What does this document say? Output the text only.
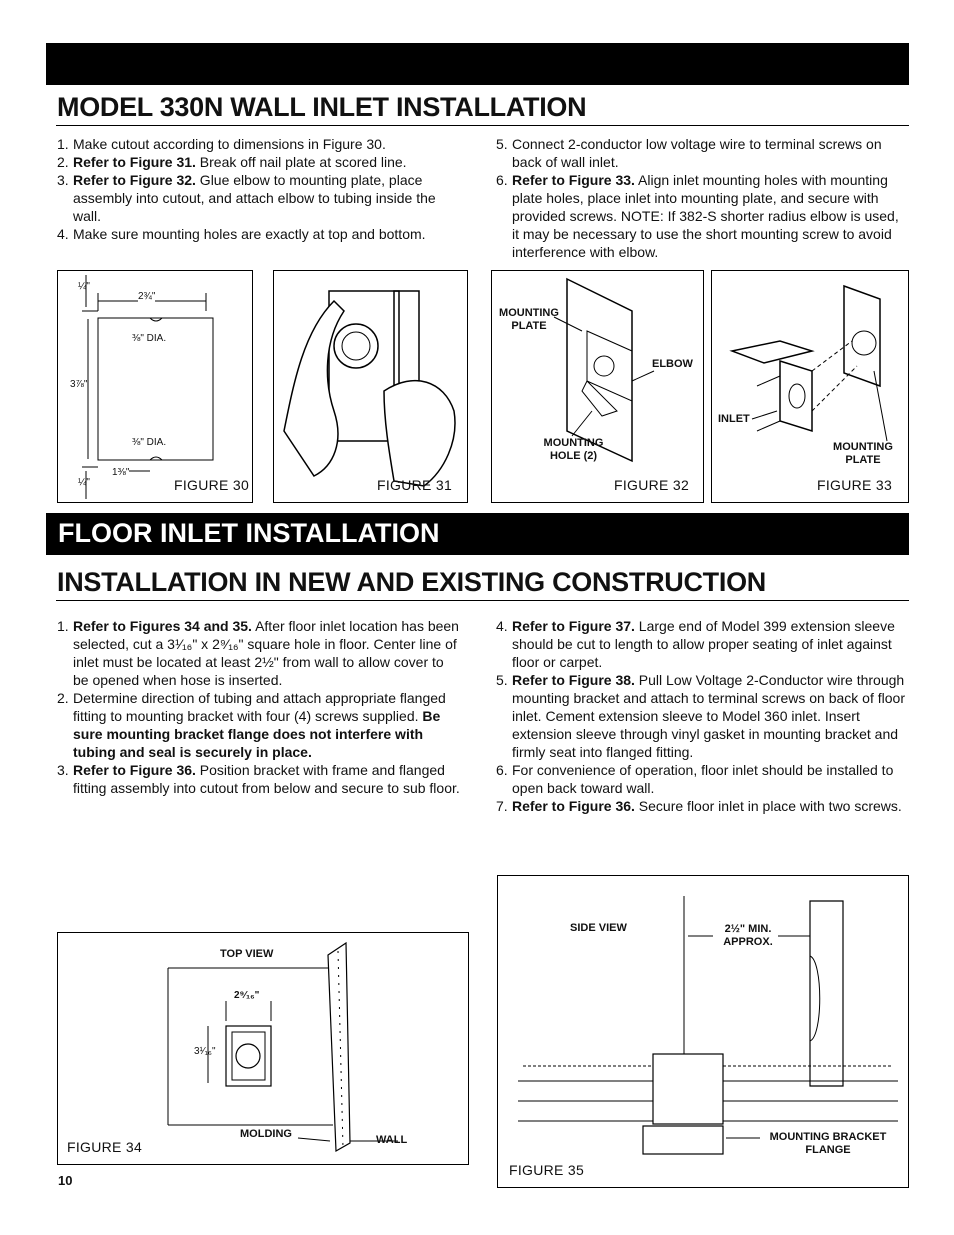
MODEL 330N WALL INLET INSTALLATION
1. Make cutout according to dimensions in Figure 30.
2. Refer to Figure 31. Break off nail plate at scored line.
3. Refer to Figure 32. Glue elbow to mounting plate, place assembly into cutout, and attach elbow to tubing inside the wall.
4. Make sure mounting holes are exactly at top and bottom.
5. Connect 2-conductor low voltage wire to terminal screws on back of wall inlet.
6. Refer to Figure 33. Align inlet mounting holes with mounting plate holes, place inlet into mounting plate, and secure with provided screws. NOTE: If 382-S shorter radius elbow is used, it may be necessary to use the short mounting screw to avoid interference with elbow.
¼"
2¾"
⅜" DIA.
3⅞"
⅜" DIA.
1⅜"
¼"	FIGURE 30	FIGURE 31
MOUNTING PLATE
ELBOW
MOUNTING HOLE (2)
FIGURE 32
INLET
MOUNTING PLATE
FIGURE 33
FLOOR INLET INSTALLATION
INSTALLATION IN NEW AND EXISTING CONSTRUCTION
1. Refer to Figures 34 and 35. After floor inlet location has been selected, cut a 3¹⁄₁₆" x 2⁹⁄₁₆" square hole in floor. Center line of inlet must be located at least 2½" from wall to allow cover to be opened when hose is inserted.
2. Determine direction of tubing and attach appropriate flanged fitting to mounting bracket with four (4) screws supplied. Be sure mounting bracket flange does not interfere with tubing and seal is securely in place.
3. Refer to Figure 36. Position bracket with frame and flanged fitting assembly into cutout from below and secure to sub floor.
4. Refer to Figure 37. Large end of Model 399 extension sleeve should be cut to length to allow proper seating of inlet against floor or carpet.
5. Refer to Figure 38. Pull Low Voltage 2-Conductor wire through mounting bracket and attach to terminal screws on back of floor inlet. Cement extension sleeve to Model 360 inlet. Insert extension sleeve through vinyl gasket in mounting bracket and firmly seat into flanged fitting.
6. For convenience of operation, floor inlet should be installed to open back toward wall.
7. Refer to Figure 36. Secure floor inlet in place with two screws.
TOP VIEW
2⁹⁄₁₆"
3¹⁄₁₆"
MOLDING	WALL
FIGURE 34
SIDE VIEW	2½" MIN. APPROX.
MOUNTING BRACKET FLANGE
FIGURE 35
10
